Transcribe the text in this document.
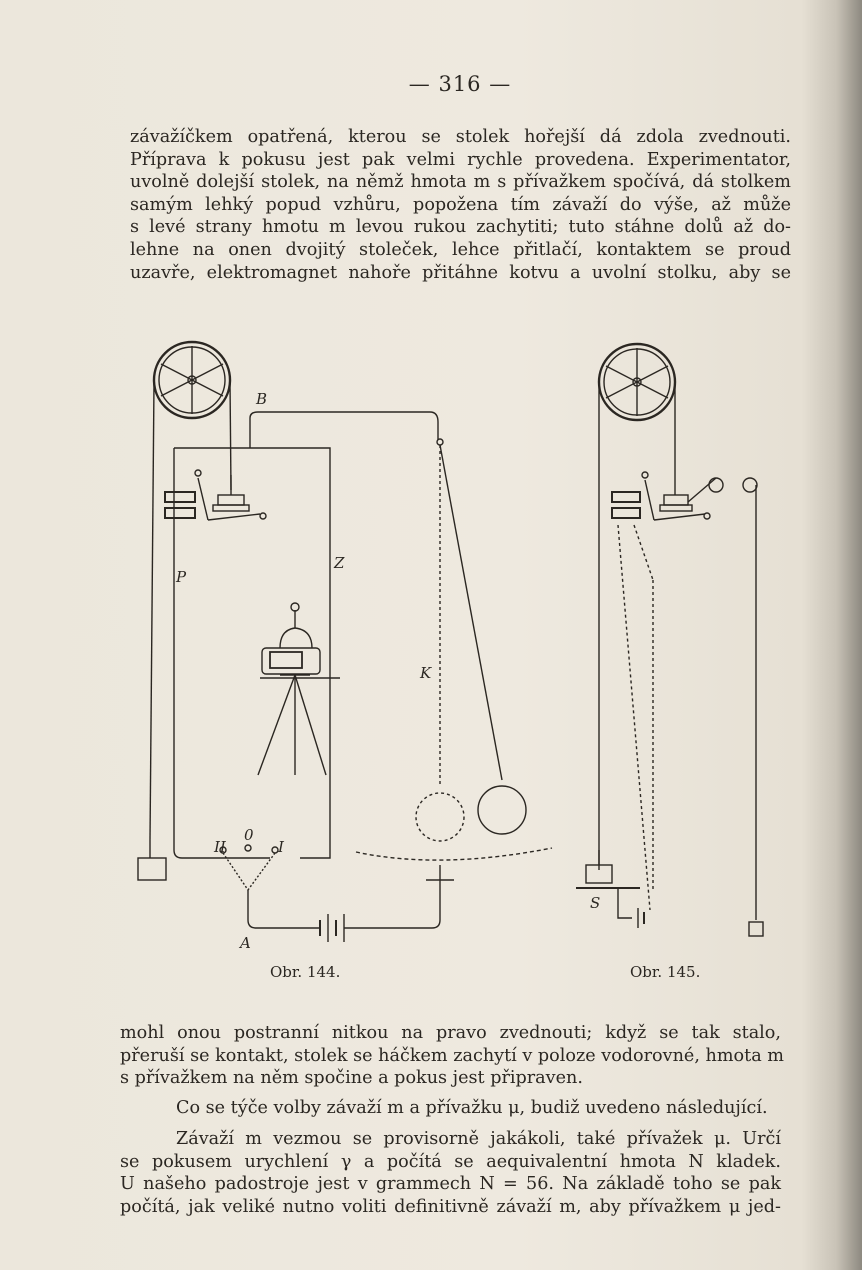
— 316 —
závažíčkem opatřená, kterou se stolek hořejší dá zdola zvednouti.
Příprava k pokusu jest pak velmi rychle provedena. Experimentator,
uvolně dolejší stolek, na němž hmota m s přívažkem spočívá, dá stolkem
samým lehký popud vzhůru, popožena tím závaží do výše, až může
s levé strany hmotu m levou rukou zachytiti; tuto stáhne dolů až do-
lehne na onen dvojitý stoleček, lehce přitlačí, kontaktem se proud
uzavře, elektromagnet nahoře přitáhne kotvu a uvolní stolku, aby se
B
Z
P
K
A
0
I
II
S
Obr. 144.	Obr. 145.
mohl onou postranní nitkou na pravo zvednouti; když se tak stalo,
přeruší se kontakt, stolek se háčkem zachytí v poloze vodorovné, hmota m
s přívažkem na něm spočine a pokus jest připraven.
Co se týče volby závaží m a přívažku μ, budiž uvedeno následující.
Závaží m vezmou se provisorně jakákoli, také přívažek μ. Určí
se pokusem urychlení γ a počítá se aequivalentní hmota N kladek.
U našeho padostroje jest v grammech N = 56. Na základě toho se pak
počítá, jak veliké nutno voliti definitivně závaží m, aby přívažkem μ jed-
